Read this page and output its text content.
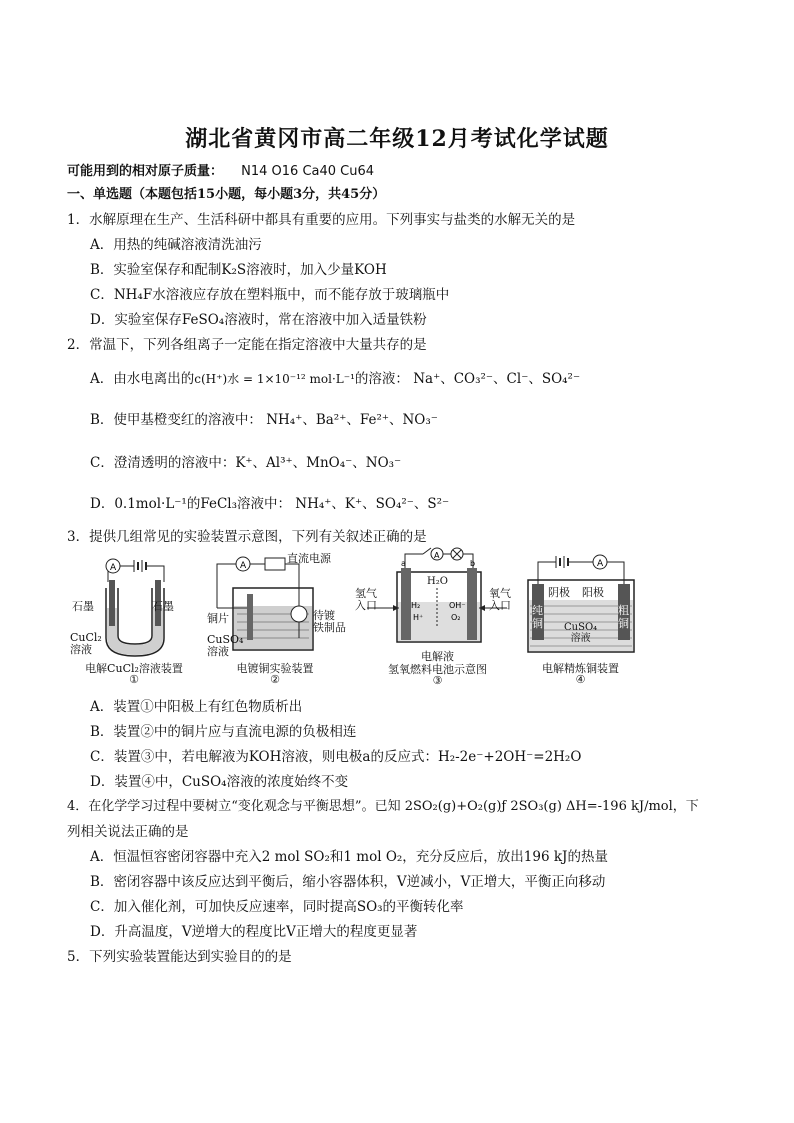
湖北省黄冈市高二年级12月考试化学试题
可能用到的相对原子质量： N14 O16 Ca40 Cu64
一、单选题（本题包括15小题，每小题3分，共45分）
1．水解原理在生产、生活科研中都具有重要的应用。下列事实与盐类的水解无关的是
A．用热的纯碱溶液清洗油污
B．实验室保存和配制K₂S溶液时，加入少量KOH
C．NH₄F水溶液应存放在塑料瓶中，而不能存放于玻璃瓶中
D．实验室保存FeSO₄溶液时，常在溶液中加入适量铁粉
2．常温下，下列各组离子一定能在指定溶液中大量共存的是
A．由水电离出的c(H⁺)水 = 1×10⁻¹² mol·L⁻¹的溶液： Na⁺、CO₃²⁻、Cl⁻、SO₄²⁻
B．使甲基橙变红的溶液中： NH₄⁺、Ba²⁺、Fe²⁺、NO₃⁻
C．澄清透明的溶液中：K⁺、Al³⁺、MnO₄⁻、NO₃⁻
D．0.1mol·L⁻¹的FeCl₃溶液中： NH₄⁺、K⁺、SO₄²⁻、S²⁻
3．提供几组常见的实验装置示意图，下列有关叙述正确的是
A
石墨	石墨
CuCl₂
溶液
电解CuCl₂溶液装置
①
A
直流电源
铜片	待镀
铁制品
CuSO₄
溶液
电镀铜实验装置
②
A
H₂
H⁺
OH⁻
O₂
a	b
氢气
入口
氧气
入口
H₂O
电解液
氢氧燃料电池示意图
③
A
阴极 阳极
纯
铜
粗
铜
CuSO₄
溶液
电解精炼铜装置
④
A．装置①中阳极上有红色物质析出
B．装置②中的铜片应与直流电源的负极相连
C．装置③中，若电解液为KOH溶液，则电极a的反应式：H₂-2e⁻+2OH⁻=2H₂O
D．装置④中，CuSO₄溶液的浓度始终不变
4．在化学学习过程中要树立“变化观念与平衡思想”。已知 2SO₂(g)+O₂(g)ƒ 2SO₃(g) ΔH=-196 kJ/mol，下
列相关说法正确的是
A．恒温恒容密闭容器中充入2 mol SO₂和1 mol O₂，充分反应后，放出196 kJ的热量
B．密闭容器中该反应达到平衡后，缩小容器体积，V逆减小，V正增大，平衡正向移动
C．加入催化剂，可加快反应速率，同时提高SO₃的平衡转化率
D．升高温度，V逆增大的程度比V正增大的程度更显著
5．下列实验装置能达到实验目的的是
